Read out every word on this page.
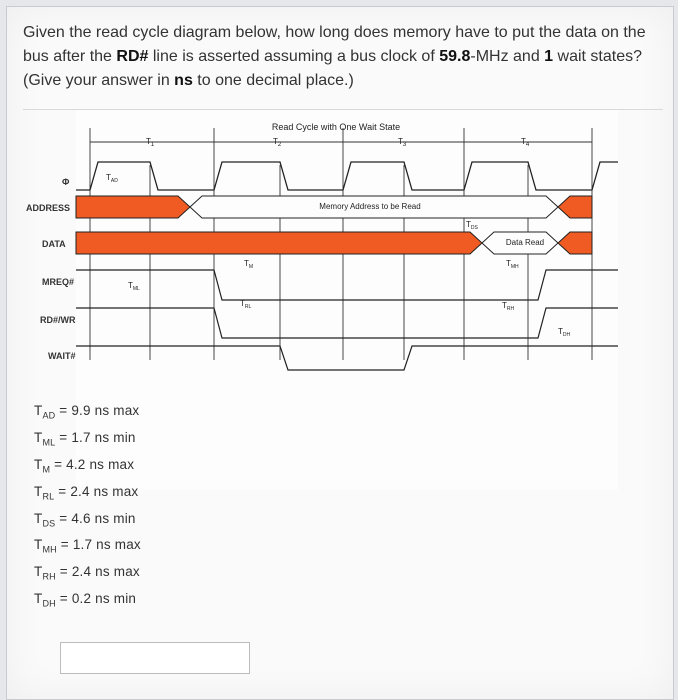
Given the read cycle diagram below, how long does memory have to put the data on the bus after the RD# line is asserted assuming a bus clock of 59.8-MHz and 1 wait states? (Give your answer in ns to one decimal place.)
Read Cycle with One Wait State
$T_1$	$T_2$	$T_3$	$T_4$
Φ	$T_{AD}$
ADDRESS	Memory Address to be Read
$T_{DS}$
DATA	Data Read
MREQ#	$T_{ML}$
$T_M$	$T_{MH}$
RD#/WR
$T_{RL}$	$T_{RH}$
$T_{DH}$
WAIT#
$T_{AD} = 9.9$ ns max
$T_{ML} = 1.7$ ns min
$T_M = 4.2$ ns max
$T_{RL} = 2.4$ ns max
$T_{DS} = 4.6$ ns min
$T_{MH} = 1.7$ ns max
$T_{RH} = 2.4$ ns max
$T_{DH} = 0.2$ ns min
